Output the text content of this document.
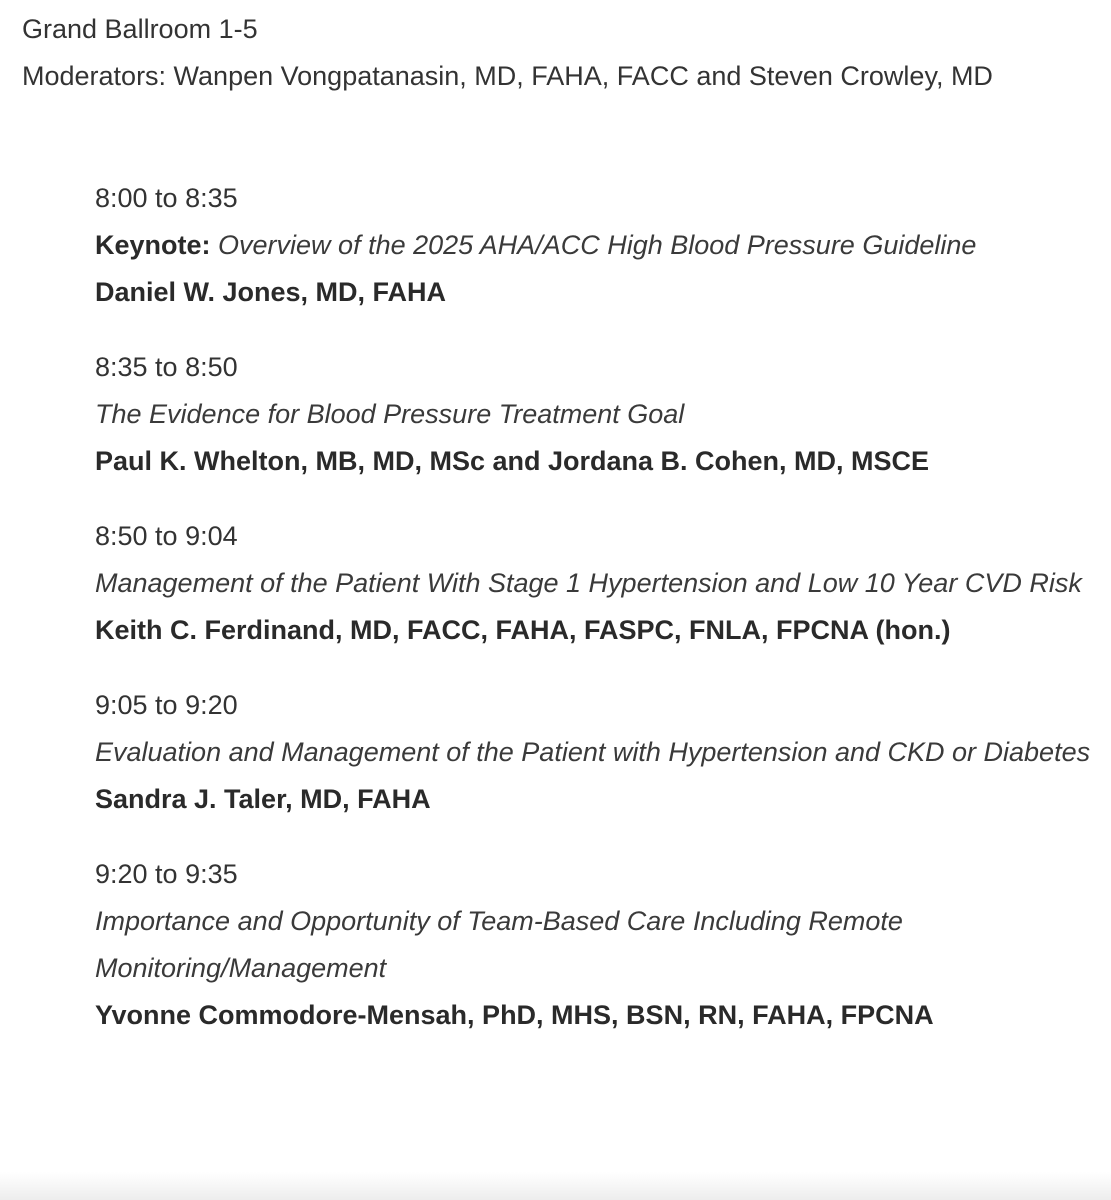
Grand Ballroom 1-5
Moderators: Wanpen Vongpatanasin, MD, FAHA, FACC and Steven Crowley, MD
8:00 to 8:35
Keynote: Overview of the 2025 AHA/ACC High Blood Pressure Guideline
Daniel W. Jones, MD, FAHA
8:35 to 8:50
The Evidence for Blood Pressure Treatment Goal
Paul K. Whelton, MB, MD, MSc and Jordana B. Cohen, MD, MSCE
8:50 to 9:04
Management of the Patient With Stage 1 Hypertension and Low 10 Year CVD Risk
Keith C. Ferdinand, MD, FACC, FAHA, FASPC, FNLA, FPCNA (hon.)
9:05 to 9:20
Evaluation and Management of the Patient with Hypertension and CKD or Diabetes
Sandra J. Taler, MD, FAHA
9:20 to 9:35
Importance and Opportunity of Team-Based Care Including Remote Monitoring/Management
Yvonne Commodore-Mensah, PhD, MHS, BSN, RN, FAHA, FPCNA
